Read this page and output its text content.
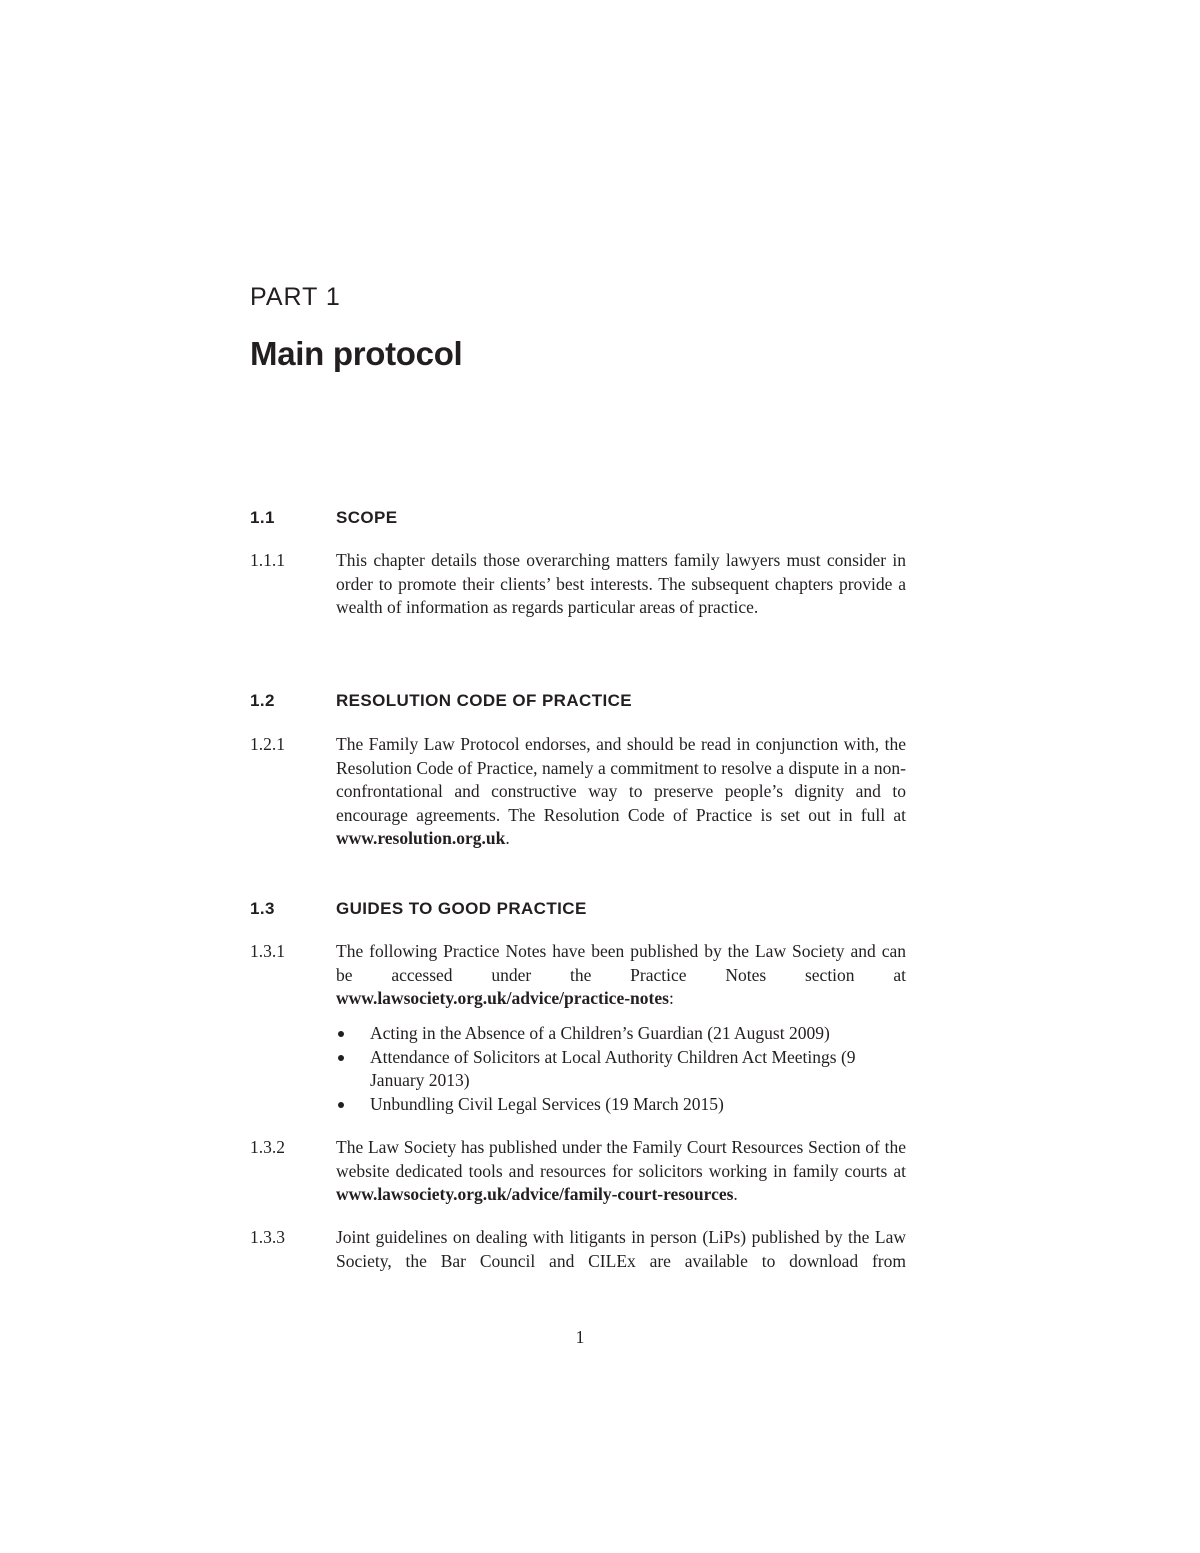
PART 1
Main protocol
1.1	SCOPE
1.1.1	This chapter details those overarching matters family lawyers must consider in order to promote their clients’ best interests. The subsequent chapters provide a wealth of information as regards particular areas of practice.
1.2	RESOLUTION CODE OF PRACTICE
1.2.1	The Family Law Protocol endorses, and should be read in conjunction with, the Resolution Code of Practice, namely a commitment to resolve a dispute in a non-confrontational and constructive way to preserve people’s dignity and to encourage agreements. The Resolution Code of Practice is set out in full at www.resolution.org.uk.
1.3	GUIDES TO GOOD PRACTICE
1.3.1	The following Practice Notes have been published by the Law Society and can be accessed under the Practice Notes section at www.lawsociety.org.uk/advice/practice-notes:
Acting in the Absence of a Children’s Guardian (21 August 2009)
Attendance of Solicitors at Local Authority Children Act Meetings (9 January 2013)
Unbundling Civil Legal Services (19 March 2015)
1.3.2	The Law Society has published under the Family Court Resources Section of the website dedicated tools and resources for solicitors working in family courts at www.lawsociety.org.uk/advice/family-court-resources.
1.3.3	Joint guidelines on dealing with litigants in person (LiPs) published by the Law Society, the Bar Council and CILEx are available to download from
1
